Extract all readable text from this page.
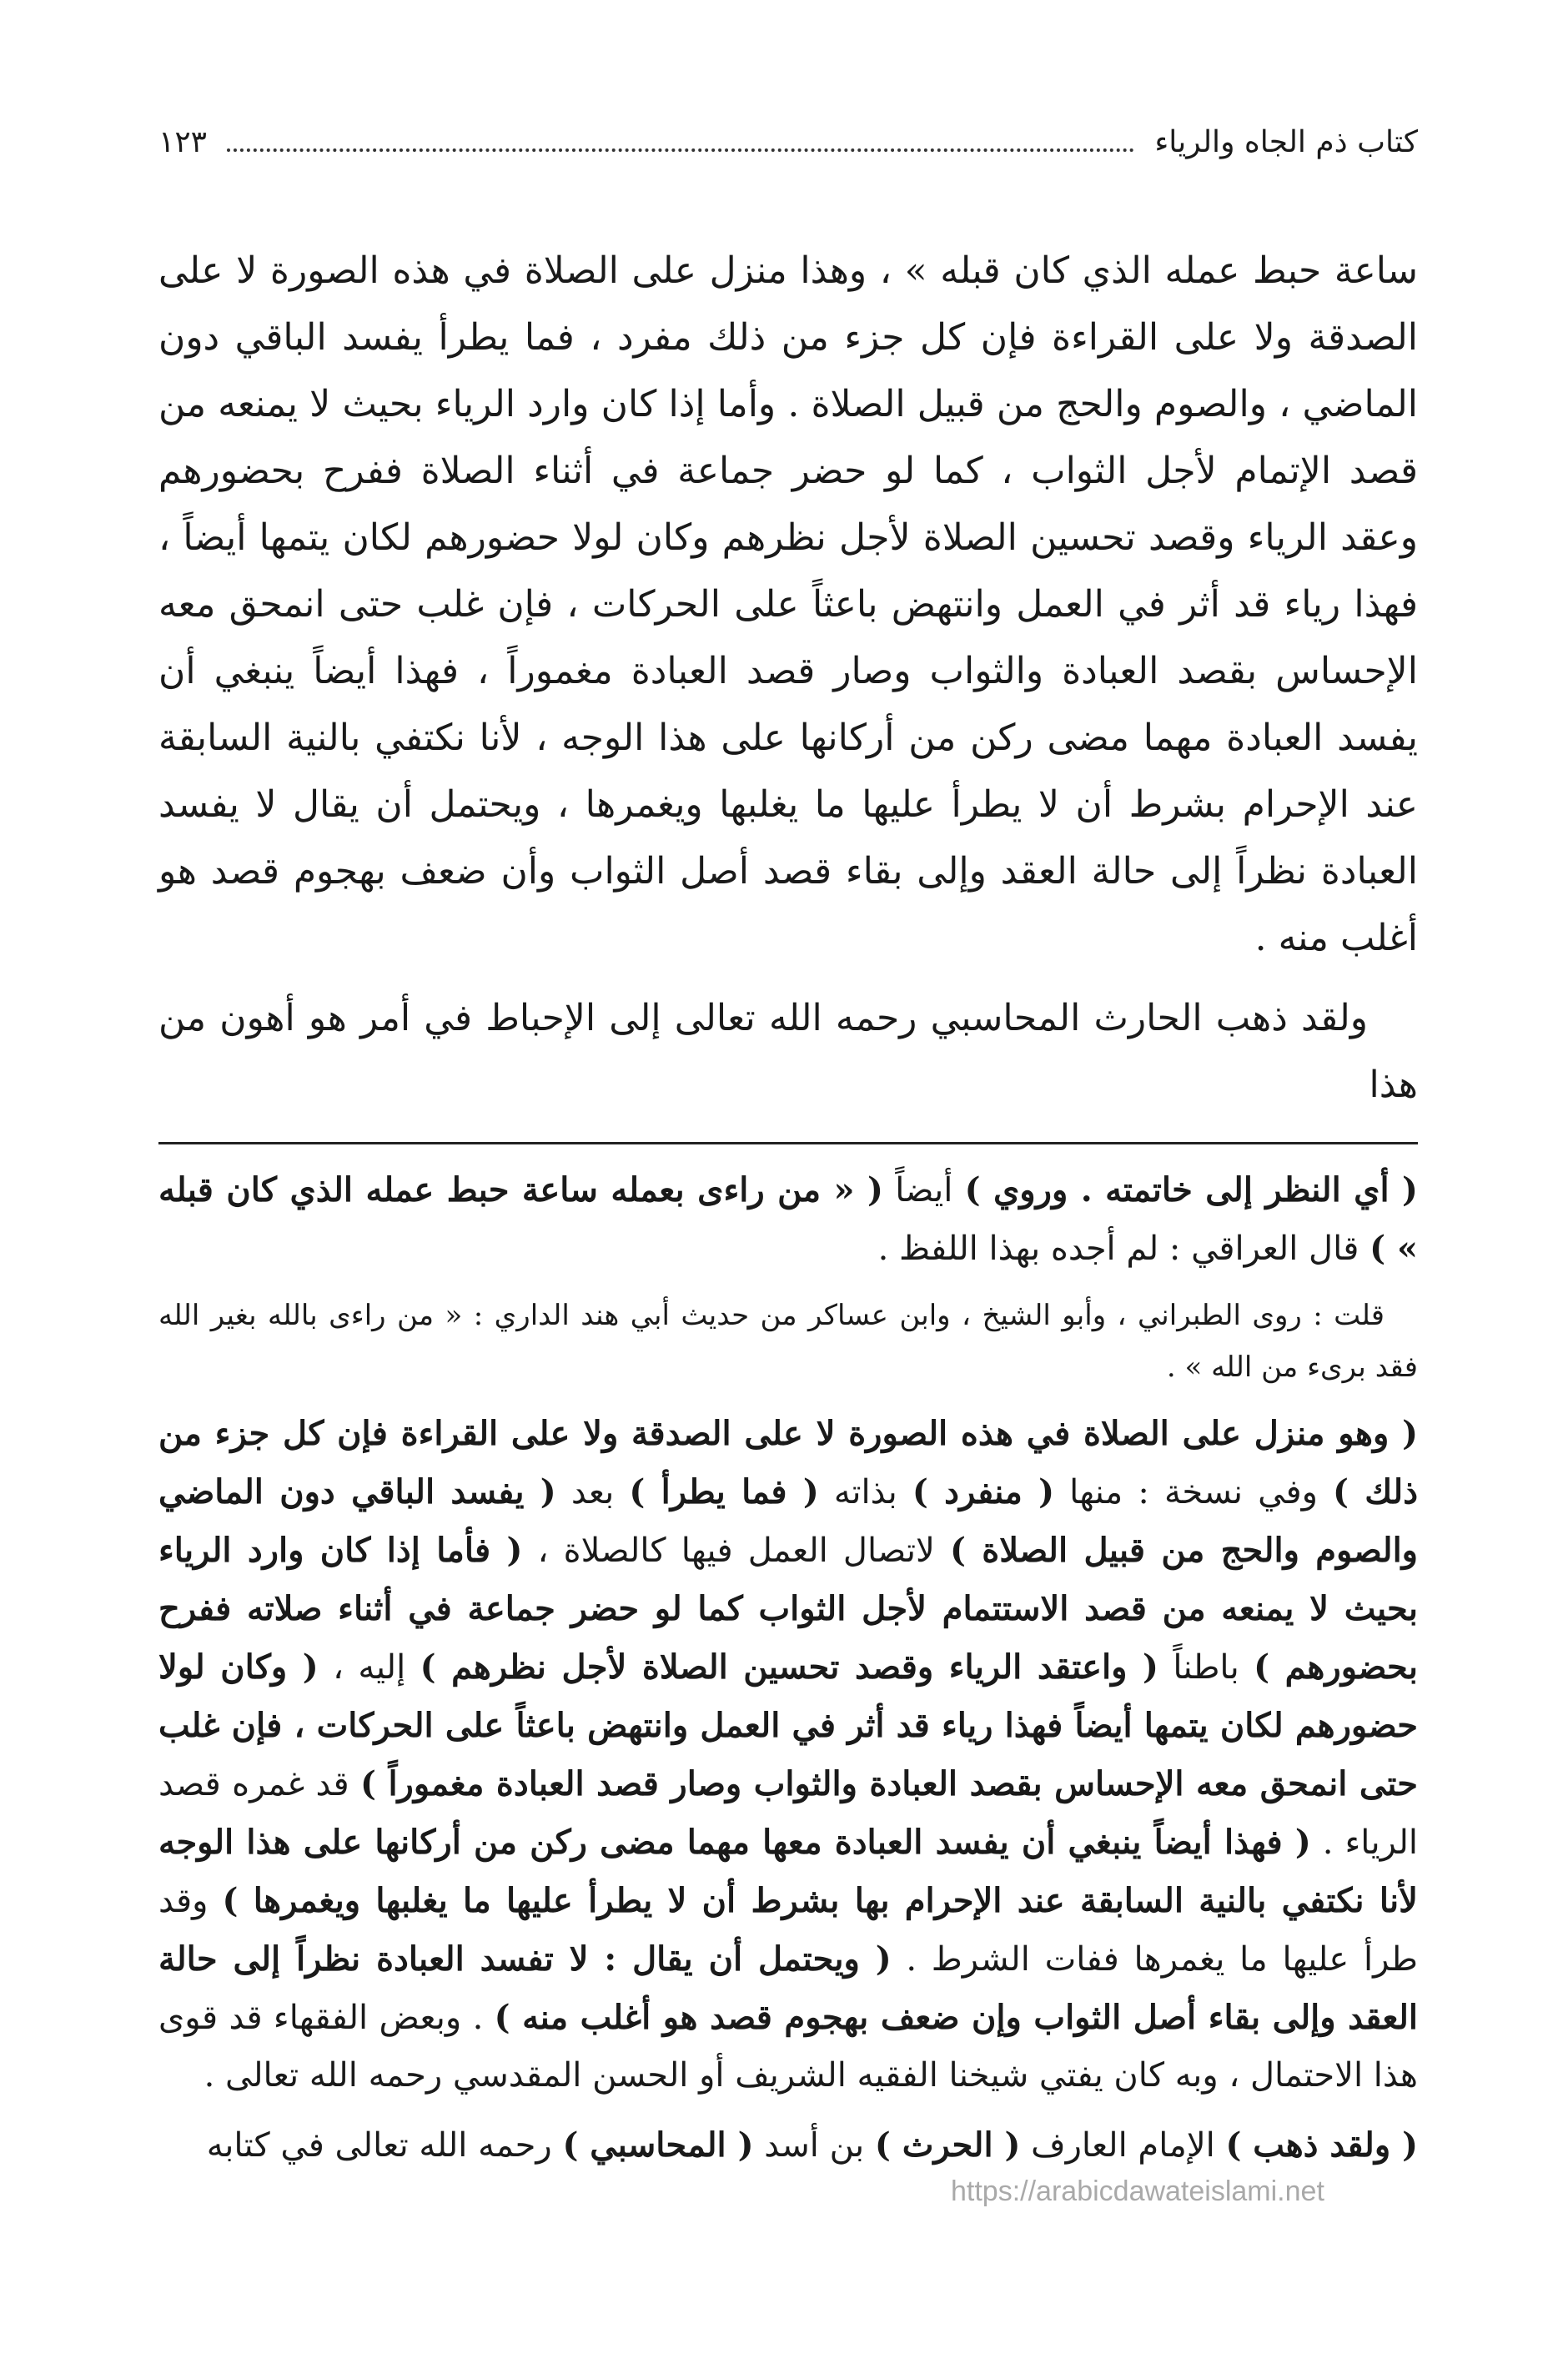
كتاب ذم الجاه والرياء
١٢٣

ساعة حبط عمله الذي كان قبله » ، وهذا منزل على الصلاة في هذه الصورة لا على الصدقة ولا على القراءة فإن كل جزء من ذلك مفرد ، فما يطرأ يفسد الباقي دون الماضي ، والصوم والحج من قبيل الصلاة . وأما إذا كان وارد الرياء بحيث لا يمنعه من قصد الإتمام لأجل الثواب ، كما لو حضر جماعة في أثناء الصلاة ففرح بحضورهم وعقد الرياء وقصد تحسين الصلاة لأجل نظرهم وكان لولا حضورهم لكان يتمها أيضاً ، فهذا رياء قد أثر في العمل وانتهض باعثاً على الحركات ، فإن غلب حتى انمحق معه الإحساس بقصد العبادة والثواب وصار قصد العبادة مغموراً ، فهذا أيضاً ينبغي أن يفسد العبادة مهما مضى ركن من أركانها على هذا الوجه ، لأنا نكتفي بالنية السابقة عند الإحرام بشرط أن لا يطرأ عليها ما يغلبها ويغمرها ، ويحتمل أن يقال لا يفسد العبادة نظراً إلى حالة العقد وإلى بقاء قصد أصل الثواب وأن ضعف بهجوم قصد هو أغلب منه .

ولقد ذهب الحارث المحاسبي رحمه الله تعالى إلى الإحباط في أمر هو أهون من هذا

( أي النظر إلى خاتمته . وروي ) أيضاً ( « من راءى بعمله ساعة حبط عمله الذي كان قبله » ) قال العراقي : لم أجده بهذا اللفظ .

قلت : روى الطبراني ، وأبو الشيخ ، وابن عساكر من حديث أبي هند الداري : « من راءى بالله بغير الله فقد برىء من الله » .

( وهو منزل على الصلاة في هذه الصورة لا على الصدقة ولا على القراءة فإن كل جزء من ذلك ) وفي نسخة : منها ( منفرد ) بذاته ( فما يطرأ ) بعد ( يفسد الباقي دون الماضي والصوم والحج من قبيل الصلاة ) لاتصال العمل فيها كالصلاة ، ( فأما إذا كان وارد الرياء بحيث لا يمنعه من قصد الاستتمام لأجل الثواب كما لو حضر جماعة في أثناء صلاته ففرح بحضورهم ) باطناً ( واعتقد الرياء وقصد تحسين الصلاة لأجل نظرهم ) إليه ، ( وكان لولا حضورهم لكان يتمها أيضاً فهذا رياء قد أثر في العمل وانتهض باعثاً على الحركات ، فإن غلب حتى انمحق معه الإحساس بقصد العبادة والثواب وصار قصد العبادة مغموراً ) قد غمره قصد الرياء . ( فهذا أيضاً ينبغي أن يفسد العبادة معها مهما مضى ركن من أركانها على هذا الوجه لأنا نكتفي بالنية السابقة عند الإحرام بها بشرط أن لا يطرأ عليها ما يغلبها ويغمرها ) وقد طرأ عليها ما يغمرها ففات الشرط . ( ويحتمل أن يقال : لا تفسد العبادة نظراً إلى حالة العقد وإلى بقاء أصل الثواب وإن ضعف بهجوم قصد هو أغلب منه ) . وبعض الفقهاء قد قوى هذا الاحتمال ، وبه كان يفتي شيخنا الفقيه الشريف أو الحسن المقدسي رحمه الله تعالى .

( ولقد ذهب ) الإمام العارف ( الحرث ) بن أسد ( المحاسبي ) رحمه الله تعالى في كتابه

https://arabicdawateislami.net
